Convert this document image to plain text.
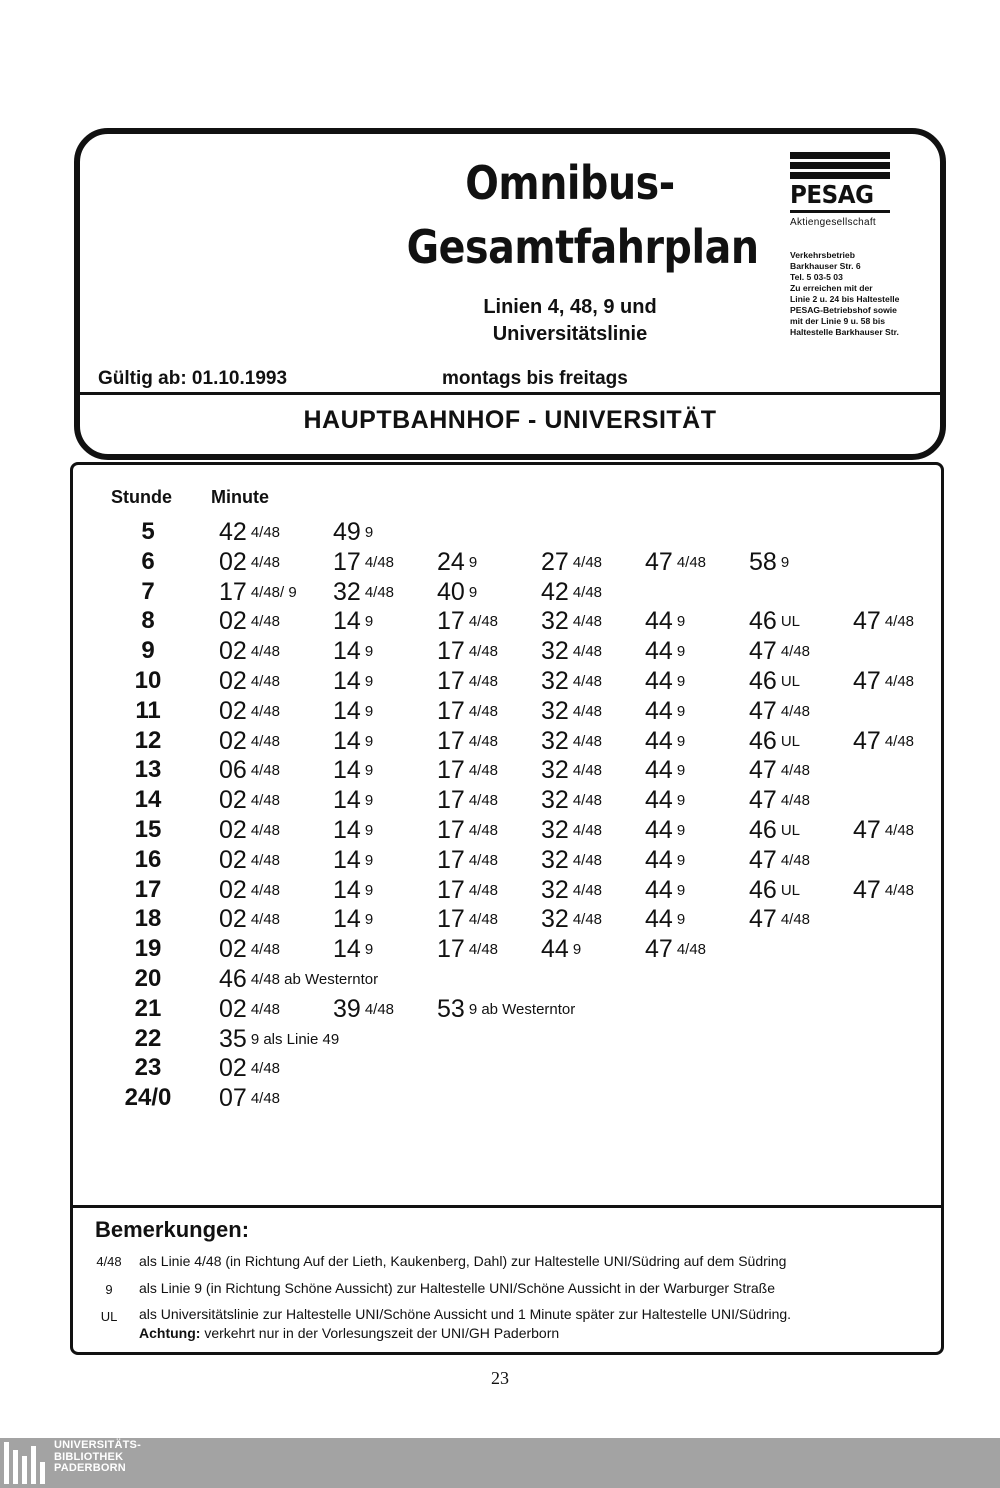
Omnibus-
Gesamtfahrplan
Linien 4, 48, 9 und
Universitätslinie
PESAG
Aktiengesellschaft
Verkehrsbetrieb
Barkhauser Str. 6
Tel. 5 03-5 03
Zu erreichen mit der
Linie 2 u. 24 bis Haltestelle
PESAG-Betriebshof sowie
mit der Linie 9 u. 58 bis
Haltestelle Barkhauser Str.
Gültig ab: 01.10.1993	montags bis freitags
HAUPTBAHNHOF - UNIVERSITÄT
Stunde Minute
5	42 4/48 49 9
6	02 4/48 17 4/48 24 9	27 4/48 47 4/48 58 9
7	17 4/48/ 9 32 4/48 40 9	42 4/48
8	02 4/48 14 9	17 4/48 32 4/48 44 9	46 UL 47 4/48
9	02 4/48 14 9	17 4/48 32 4/48 44 9	47 4/48
10	02 4/48 14 9	17 4/48 32 4/48 44 9	46 UL 47 4/48
11	02 4/48 14 9	17 4/48 32 4/48 44 9	47 4/48
12	02 4/48 14 9	17 4/48 32 4/48 44 9	46 UL 47 4/48
13	06 4/48 14 9	17 4/48 32 4/48 44 9	47 4/48
14	02 4/48 14 9	17 4/48 32 4/48 44 9	47 4/48
15	02 4/48 14 9	17 4/48 32 4/48 44 9	46 UL 47 4/48
16	02 4/48 14 9	17 4/48 32 4/48 44 9	47 4/48
17	02 4/48 14 9	17 4/48 32 4/48 44 9	46 UL 47 4/48
18	02 4/48 14 9	17 4/48 32 4/48 44 9	47 4/48
19	02 4/48 14 9	17 4/48 44 9	47 4/48
20	46 4/48 ab Westerntor
21	02 4/48 39 4/48 53 9 ab Westerntor
22	35 9 als Linie 49
23	02 4/48
24/0	07 4/48
Bemerkungen:
4/48	als Linie 4/48 (in Richtung Auf der Lieth, Kaukenberg, Dahl) zur Haltestelle UNI/Südring auf dem Südring
9	als Linie 9 (in Richtung Schöne Aussicht) zur Haltestelle UNI/Schöne Aussicht in der Warburger Straße
UL	als Universitätslinie zur Haltestelle UNI/Schöne Aussicht und 1 Minute später zur Haltestelle UNI/Südring.
Achtung: verkehrt nur in der Vorlesungszeit der UNI/GH Paderborn
23
UNIVERSITÄTS-
BIBLIOTHEK
PADERBORN
